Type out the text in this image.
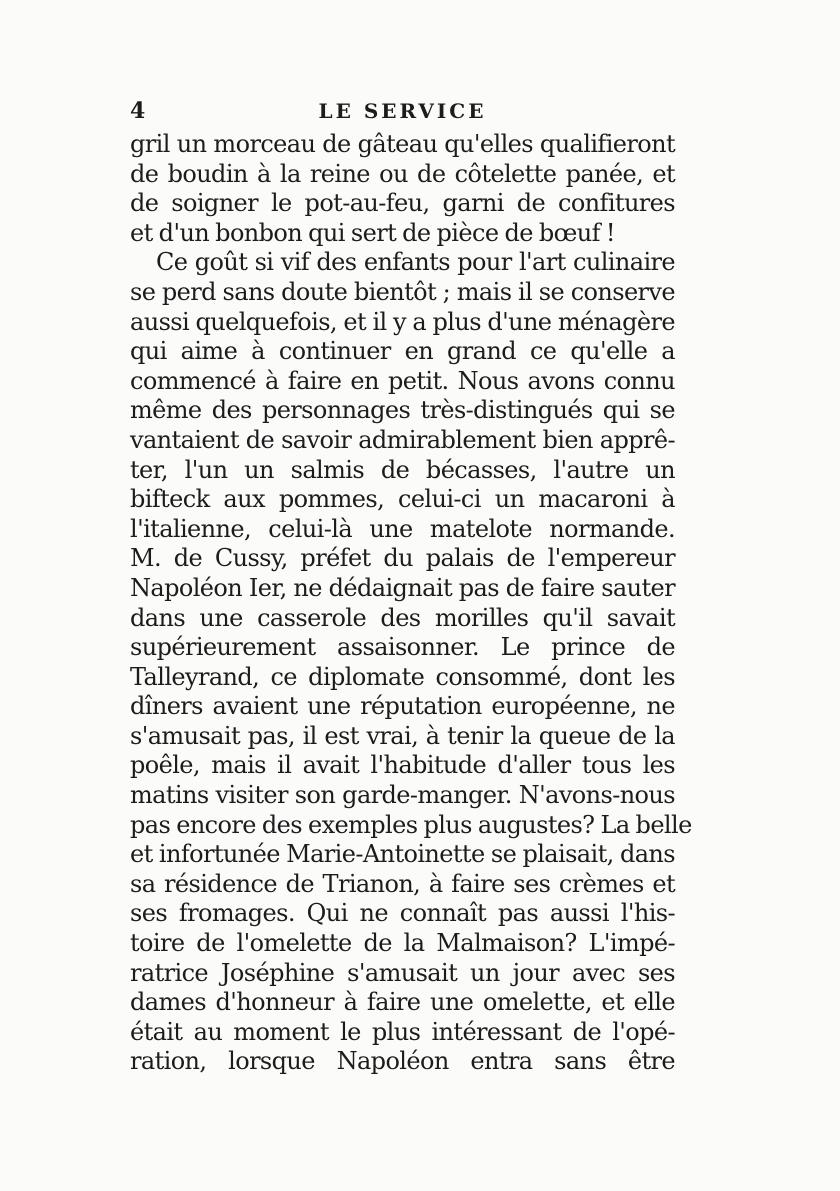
4	LE SERVICE
gril un morceau de gâteau qu'elles qualifieront
de boudin à la reine ou de côtelette panée, et
de soigner le pot-au-feu, garni de confitures
et d'un bonbon qui sert de pièce de bœuf !
Ce goût si vif des enfants pour l'art culinaire
se perd sans doute bientôt ; mais il se conserve
aussi quelquefois, et il y a plus d'une ménagère
qui aime à continuer en grand ce qu'elle a
commencé à faire en petit. Nous avons connu
même des personnages très-distingués qui se
vantaient de savoir admirablement bien apprê-
ter, l'un un salmis de bécasses, l'autre un
bifteck aux pommes, celui-ci un macaroni à
l'italienne, celui-là une matelote normande.
M. de Cussy, préfet du palais de l'empereur
Napoléon Ier, ne dédaignait pas de faire sauter
dans une casserole des morilles qu'il savait
supérieurement assaisonner. Le prince de
Talleyrand, ce diplomate consommé, dont les
dîners avaient une réputation européenne, ne
s'amusait pas, il est vrai, à tenir la queue de la
poêle, mais il avait l'habitude d'aller tous les
matins visiter son garde-manger. N'avons-nous
pas encore des exemples plus augustes? La belle
et infortunée Marie-Antoinette se plaisait, dans
sa résidence de Trianon, à faire ses crèmes et
ses fromages. Qui ne connaît pas aussi l'his-
toire de l'omelette de la Malmaison? L'impé-
ratrice Joséphine s'amusait un jour avec ses
dames d'honneur à faire une omelette, et elle
était au moment le plus intéressant de l'opé-
ration, lorsque Napoléon entra sans être
